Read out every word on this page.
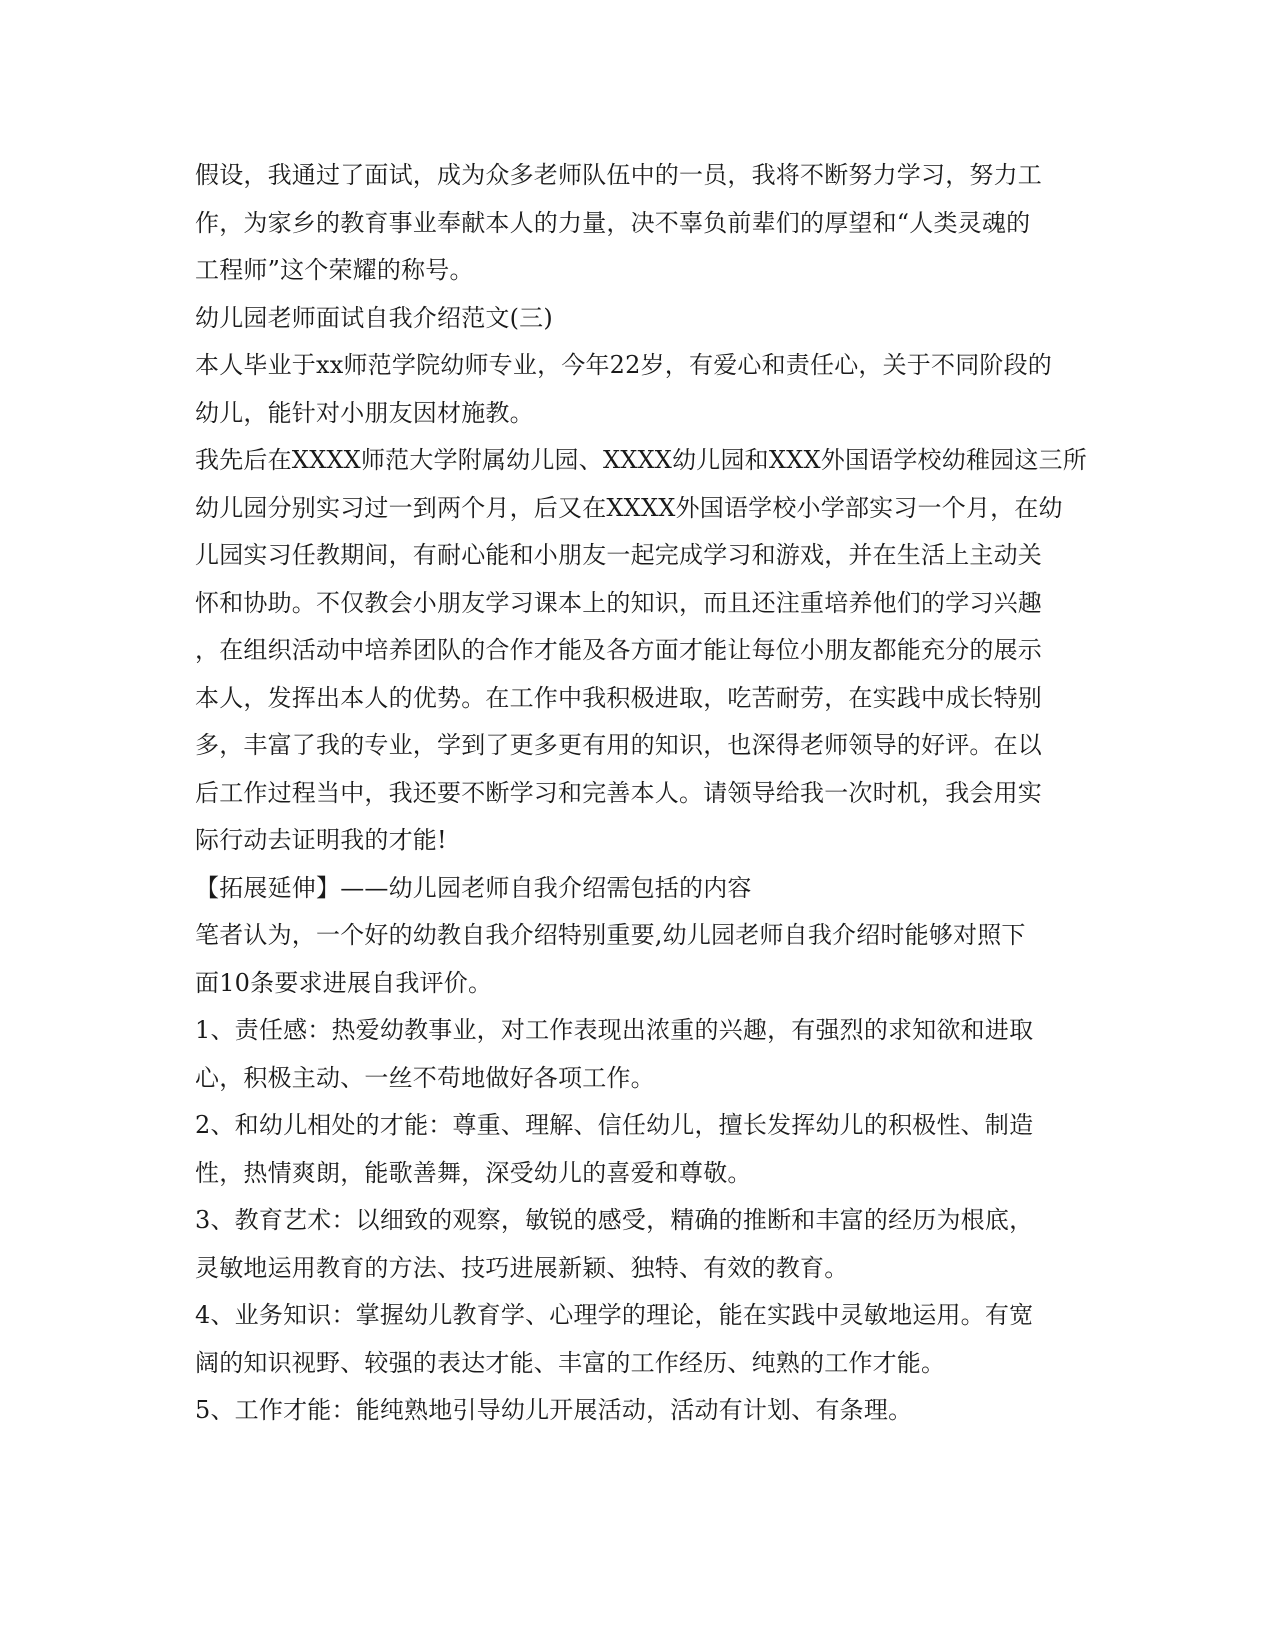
假设，我通过了面试，成为众多老师队伍中的一员，我将不断努力学习，努力工
作，为家乡的教育事业奉献本人的力量，决不辜负前辈们的厚望和“人类灵魂的
工程师”这个荣耀的称号。
幼儿园老师面试自我介绍范文(三)
本人毕业于xx师范学院幼师专业，今年22岁，有爱心和责任心，关于不同阶段的
幼儿，能针对小朋友因材施教。
我先后在XXXX师范大学附属幼儿园、XXXX幼儿园和XXX外国语学校幼稚园这三所
幼儿园分别实习过一到两个月，后又在XXXX外国语学校小学部实习一个月，在幼
儿园实习任教期间，有耐心能和小朋友一起完成学习和游戏，并在生活上主动关
怀和协助。不仅教会小朋友学习课本上的知识，而且还注重培养他们的学习兴趣
，在组织活动中培养团队的合作才能及各方面才能让每位小朋友都能充分的展示
本人，发挥出本人的优势。在工作中我积极进取，吃苦耐劳，在实践中成长特别
多，丰富了我的专业，学到了更多更有用的知识，也深得老师领导的好评。在以
后工作过程当中，我还要不断学习和完善本人。请领导给我一次时机，我会用实
际行动去证明我的才能!
【拓展延伸】——幼儿园老师自我介绍需包括的内容
笔者认为，一个好的幼教自我介绍特别重要,幼儿园老师自我介绍时能够对照下
面10条要求进展自我评价。
1、责任感：热爱幼教事业，对工作表现出浓重的兴趣，有强烈的求知欲和进取
心，积极主动、一丝不苟地做好各项工作。
2、和幼儿相处的才能：尊重、理解、信任幼儿，擅长发挥幼儿的积极性、制造
性，热情爽朗，能歌善舞，深受幼儿的喜爱和尊敬。
3、教育艺术：以细致的观察，敏锐的感受，精确的推断和丰富的经历为根底，
灵敏地运用教育的方法、技巧进展新颖、独特、有效的教育。
4、业务知识：掌握幼儿教育学、心理学的理论，能在实践中灵敏地运用。有宽
阔的知识视野、较强的表达才能、丰富的工作经历、纯熟的工作才能。
5、工作才能：能纯熟地引导幼儿开展活动，活动有计划、有条理。
